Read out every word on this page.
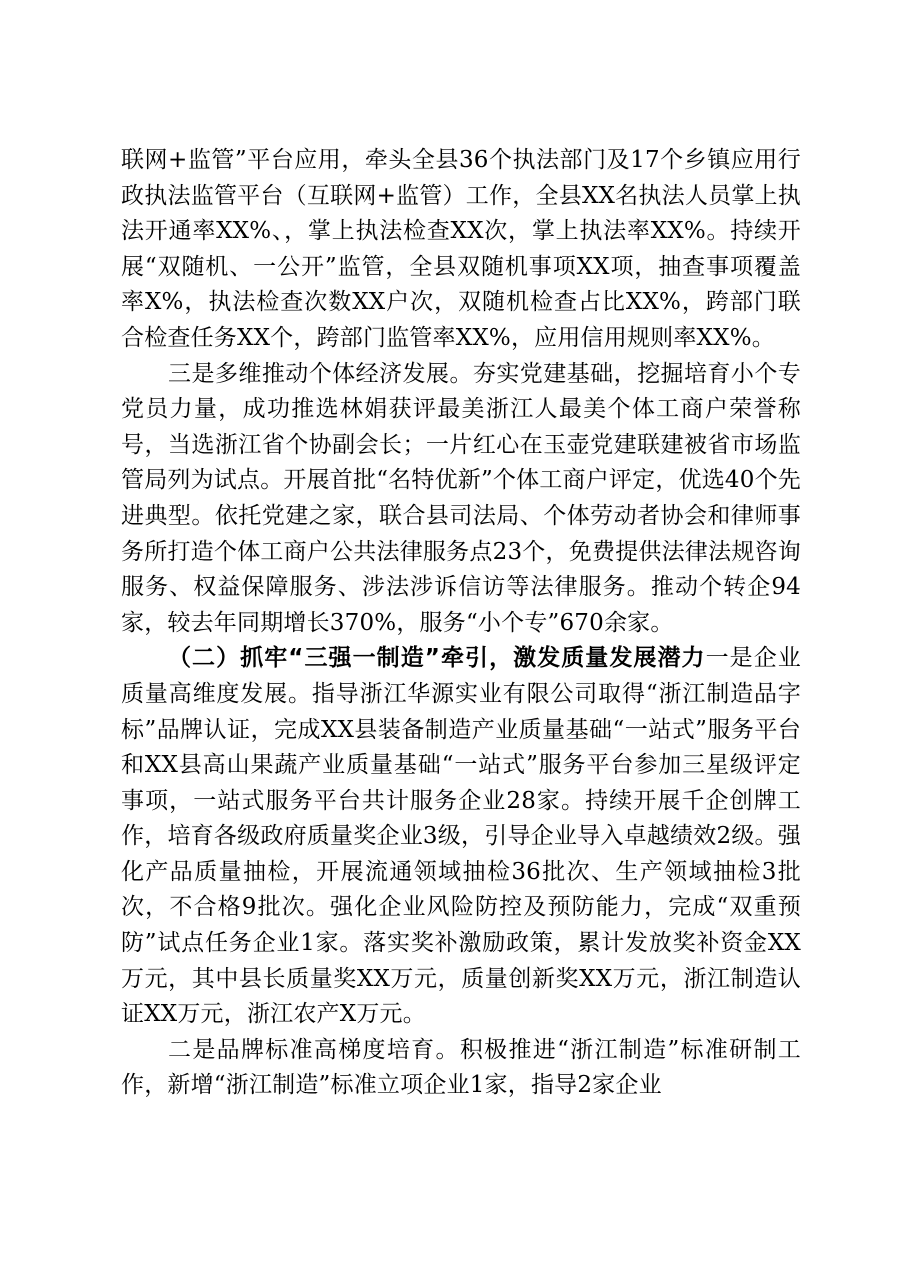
联网+监管”平台应用，牵头全县36个执法部门及17个乡镇应用行政执法监管平台（互联网+监管）工作，全县XX名执法人员掌上执法开通率XX%、，掌上执法检查XX次，掌上执法率XX%。持续开展“双随机、一公开”监管，全县双随机事项XX项，抽查事项覆盖率X%，执法检查次数XX户次，双随机检查占比XX%，跨部门联合检查任务XX个，跨部门监管率XX%，应用信用规则率XX%。

三是多维推动个体经济发展。夯实党建基础，挖掘培育小个专党员力量，成功推选林娟获评最美浙江人最美个体工商户荣誉称号，当选浙江省个协副会长；一片红心在玉壶党建联建被省市场监管局列为试点。开展首批“名特优新”个体工商户评定，优选40个先进典型。依托党建之家，联合县司法局、个体劳动者协会和律师事务所打造个体工商户公共法律服务点23个，免费提供法律法规咨询服务、权益保障服务、涉法涉诉信访等法律服务。推动个转企94家，较去年同期增长370%，服务“小个专”670余家。

（二）抓牢“三强一制造”牵引，激发质量发展潜力一是企业质量高维度发展。指导浙江华源实业有限公司取得“浙江制造品字标”品牌认证，完成XX县装备制造产业质量基础“一站式”服务平台和XX县高山果蔬产业质量基础“一站式”服务平台参加三星级评定事项，一站式服务平台共计服务企业28家。持续开展千企创牌工作，培育各级政府质量奖企业3级，引导企业导入卓越绩效2级。强化产品质量抽检，开展流通领域抽检36批次、生产领域抽检3批次，不合格9批次。强化企业风险防控及预防能力，完成“双重预防”试点任务企业1家。落实奖补激励政策，累计发放奖补资金XX万元，其中县长质量奖XX万元，质量创新奖XX万元，浙江制造认证XX万元，浙江农产X万元。

二是品牌标准高梯度培育。积极推进“浙江制造”标准研制工作，新增“浙江制造”标准立项企业1家，指导2家企业
